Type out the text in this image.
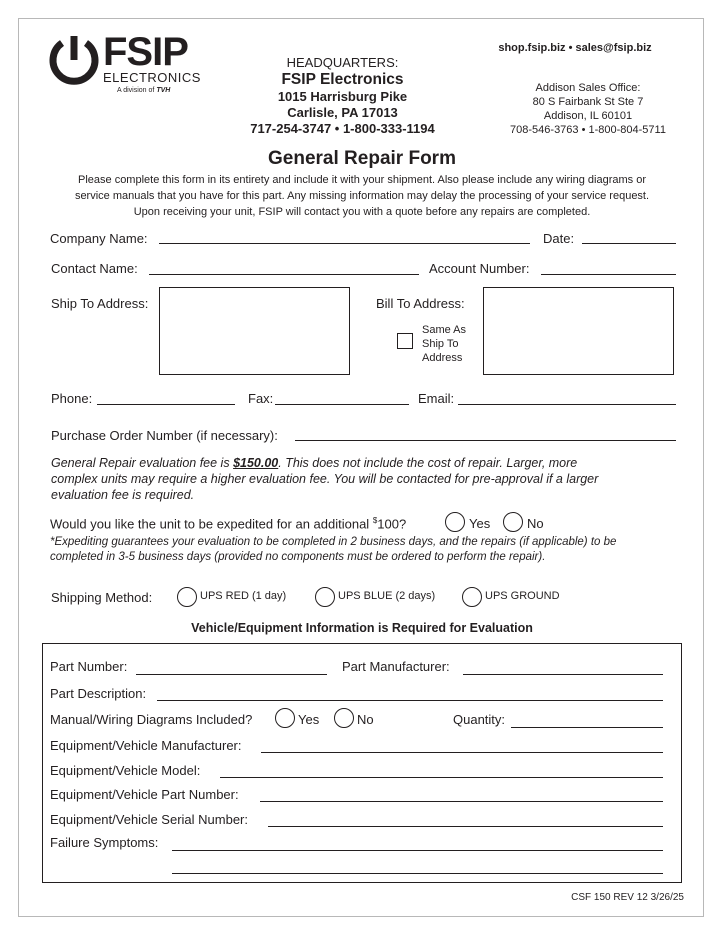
FSIP
ELECTRONICS
A division of TVH
HEADQUARTERS:
FSIP Electronics
1015 Harrisburg Pike
Carlisle, PA 17013
717-254-3747 • 1-800-333-1194
shop.fsip.biz • sales@fsip.biz
Addison Sales Office:
80 S Fairbank St Ste 7
Addison, IL 60101
708-546-3763 • 1-800-804-5711
General Repair Form
Please complete this form in its entirety and include it with your shipment. Also please include any wiring diagrams or
service manuals that you have for this part. Any missing information may delay the processing of your service request.
Upon receiving your unit, FSIP will contact you with a quote before any repairs are completed.
Company Name:	Date:
Contact Name:	Account Number:
Ship To Address:	Bill To Address:
Same As
Ship To
Address
Phone:	Fax:	Email:
Purchase Order Number (if necessary):
General Repair evaluation fee is $150.00. This does not include the cost of repair. Larger, more
complex units may require a higher evaluation fee. You will be contacted for pre-approval if a larger
evaluation fee is required.
Would you like the unit to be expedited for an additional $100?	Yes	No
*Expediting guarantees your evaluation to be completed in 2 business days, and the repairs (if applicable) to be
completed in 3-5 business days (provided no components must be ordered to perform the repair).
Shipping Method:	UPS RED (1 day)	UPS BLUE (2 days)	UPS GROUND
Vehicle/Equipment Information is Required for Evaluation
Part Number:	Part Manufacturer:
Part Description:
Manual/Wiring Diagrams Included?	Yes	No	Quantity:
Equipment/Vehicle Manufacturer:
Equipment/Vehicle Model:
Equipment/Vehicle Part Number:
Equipment/Vehicle Serial Number:
Failure Symptoms:
CSF 150 REV 12 3/26/25
